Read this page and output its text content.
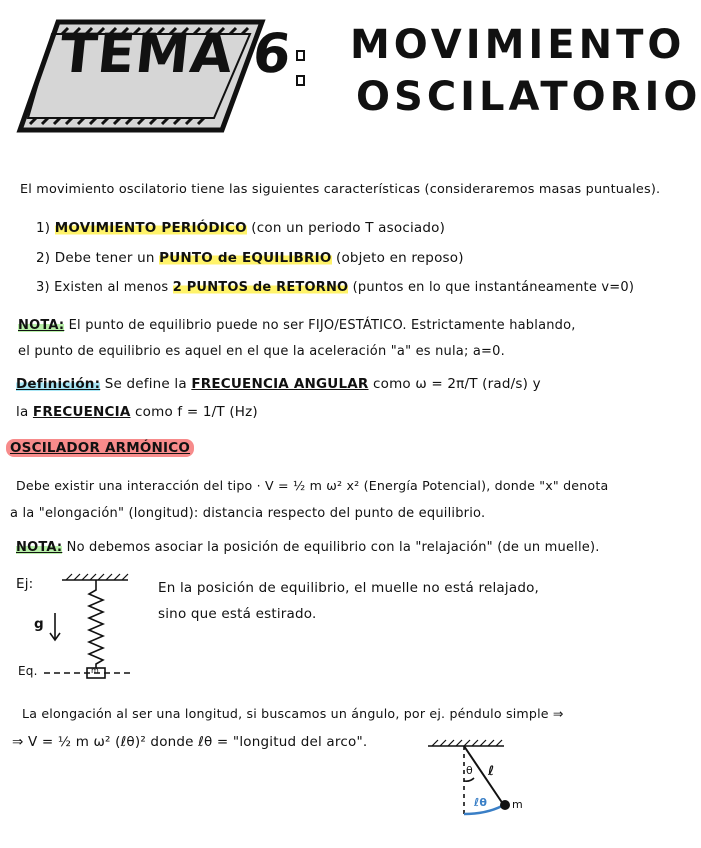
TEMA 6 MOVIMIENTO
OSCILATORIO
El movimiento oscilatorio tiene las siguientes características (consideraremos masas puntuales).
1) MOVIMIENTO PERIÓDICO (con un periodo T asociado)
2) Debe tener un PUNTO de EQUILIBRIO (objeto en reposo)
3) Existen al menos 2 PUNTOS de RETORNO (puntos en lo que instantáneamente v=0)
NOTA: El punto de equilibrio puede no ser FIJO/ESTÁTICO. Estrictamente hablando,
el punto de equilibrio es aquel en el que la aceleración "a" es nula; a=0.
Definición: Se define la FRECUENCIA ANGULAR como ω = 2π/T (rad/s) y
la FRECUENCIA como f = 1/T (Hz)
OSCILADOR ARMÓNICO
Debe existir una interacción del tipo · V = ½ m ω² x² (Energía Potencial), donde "x" denota
a la "elongación" (longitud): distancia respecto del punto de equilibrio.
NOTA: No debemos asociar la posición de equilibrio con la "relajación" (de un muelle).
Ej:
g
Eq.	m
En la posición de equilibrio, el muelle no está relajado,
sino que está estirado.
La elongación al ser una longitud, si buscamos un ángulo, por ej. péndulo simple ⇒
⇒ V = ½ m ω² (ℓθ)² donde ℓθ = "longitud del arco".
θ ℓ
ℓθ m
